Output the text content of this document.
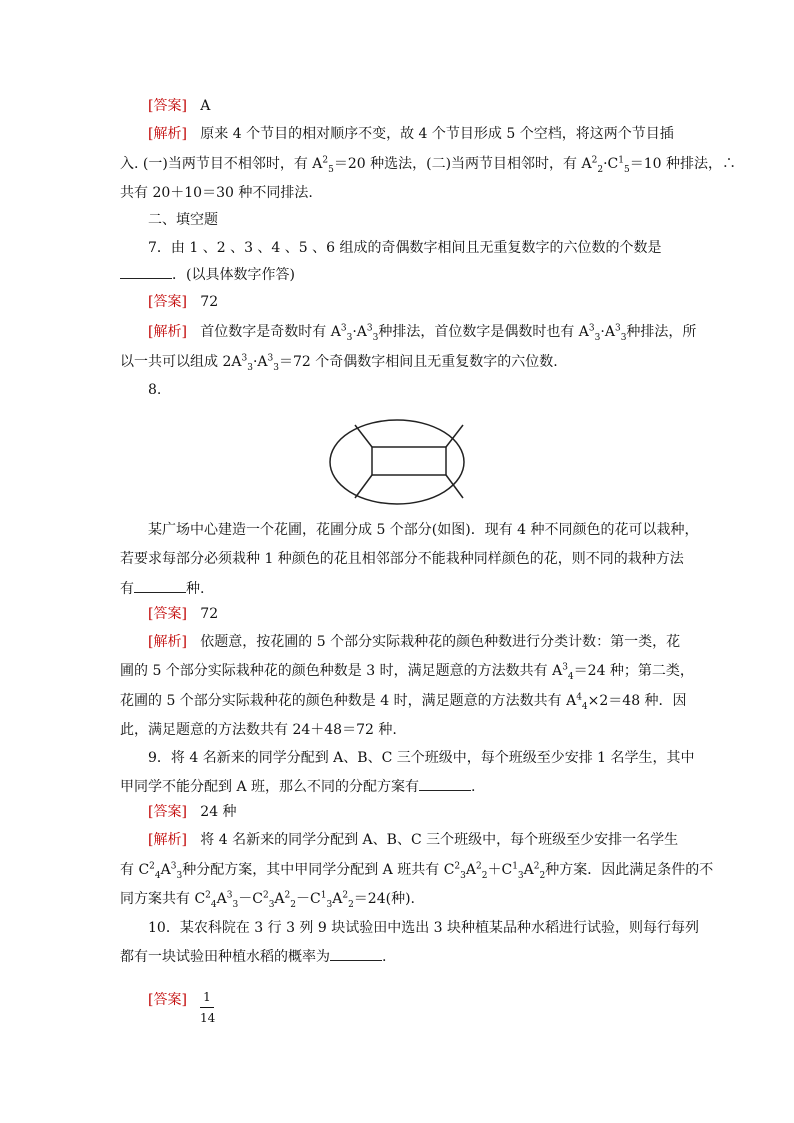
[答案] A
[解析] 原来 4 个节目的相对顺序不变，故 4 个节目形成 5 个空档，将这两个节目插
入. (一)当两节目不相邻时，有 $A^2_5=20$ 种选法，(二)当两节目相邻时，有 $A^2_2\cdot C^1_5=10$ 种排法，∴
共有 20＋10＝30 种不同排法.
二、填空题
7．由 1 、2 、3 、4 、5 、6 组成的奇偶数字相间且无重复数字的六位数的个数是
．(以具体数字作答)
[答案] 72
[解析] 首位数字是奇数时有 $A^3_3\cdot A^3_3$种排法，首位数字是偶数时也有 $A^3_3\cdot A^3_3$种排法，所
以一共可以组成 $2A^3_3\cdot A^3_3=72$ 个奇偶数字相间且无重复数字的六位数.
8.
某广场中心建造一个花圃，花圃分成 5 个部分(如图)．现有 4 种不同颜色的花可以栽种，
若要求每部分必须栽种 1 种颜色的花且相邻部分不能栽种同样颜色的花，则不同的栽种方法
有	种.
[答案] 72
[解析] 依题意，按花圃的 5 个部分实际栽种花的颜色种数进行分类计数：第一类，花
圃的 5 个部分实际栽种花的颜色种数是 3 时，满足题意的方法数共有 $A^3_4=24$ 种；第二类，
花圃的 5 个部分实际栽种花的颜色种数是 4 时，满足题意的方法数共有 $A^4_4\times 2=48$ 种．因
此，满足题意的方法数共有 24＋48＝72 种.
9．将 4 名新来的同学分配到 A、B、C 三个班级中，每个班级至少安排 1 名学生，其中
甲同学不能分配到 A 班，那么不同的分配方案有	.
[答案] 24 种
[解析] 将 4 名新来的同学分配到 A、B、C 三个班级中，每个班级至少安排一名学生
有 $C^2_4A^3_3$种分配方案，其中甲同学分配到 A 班共有 $C^2_3A^2_2+C^1_3A^2_2$种方案．因此满足条件的不
同方案共有 $C^2_4A^3_3-C^2_3A^2_2-C^1_3A^2_2=24$(种).
10．某农科院在 3 行 3 列 9 块试验田中选出 3 块种植某品种水稻进行试验，则每行每列
都有一块试验田种植水稻的概率为	.
[答案] 1
14
